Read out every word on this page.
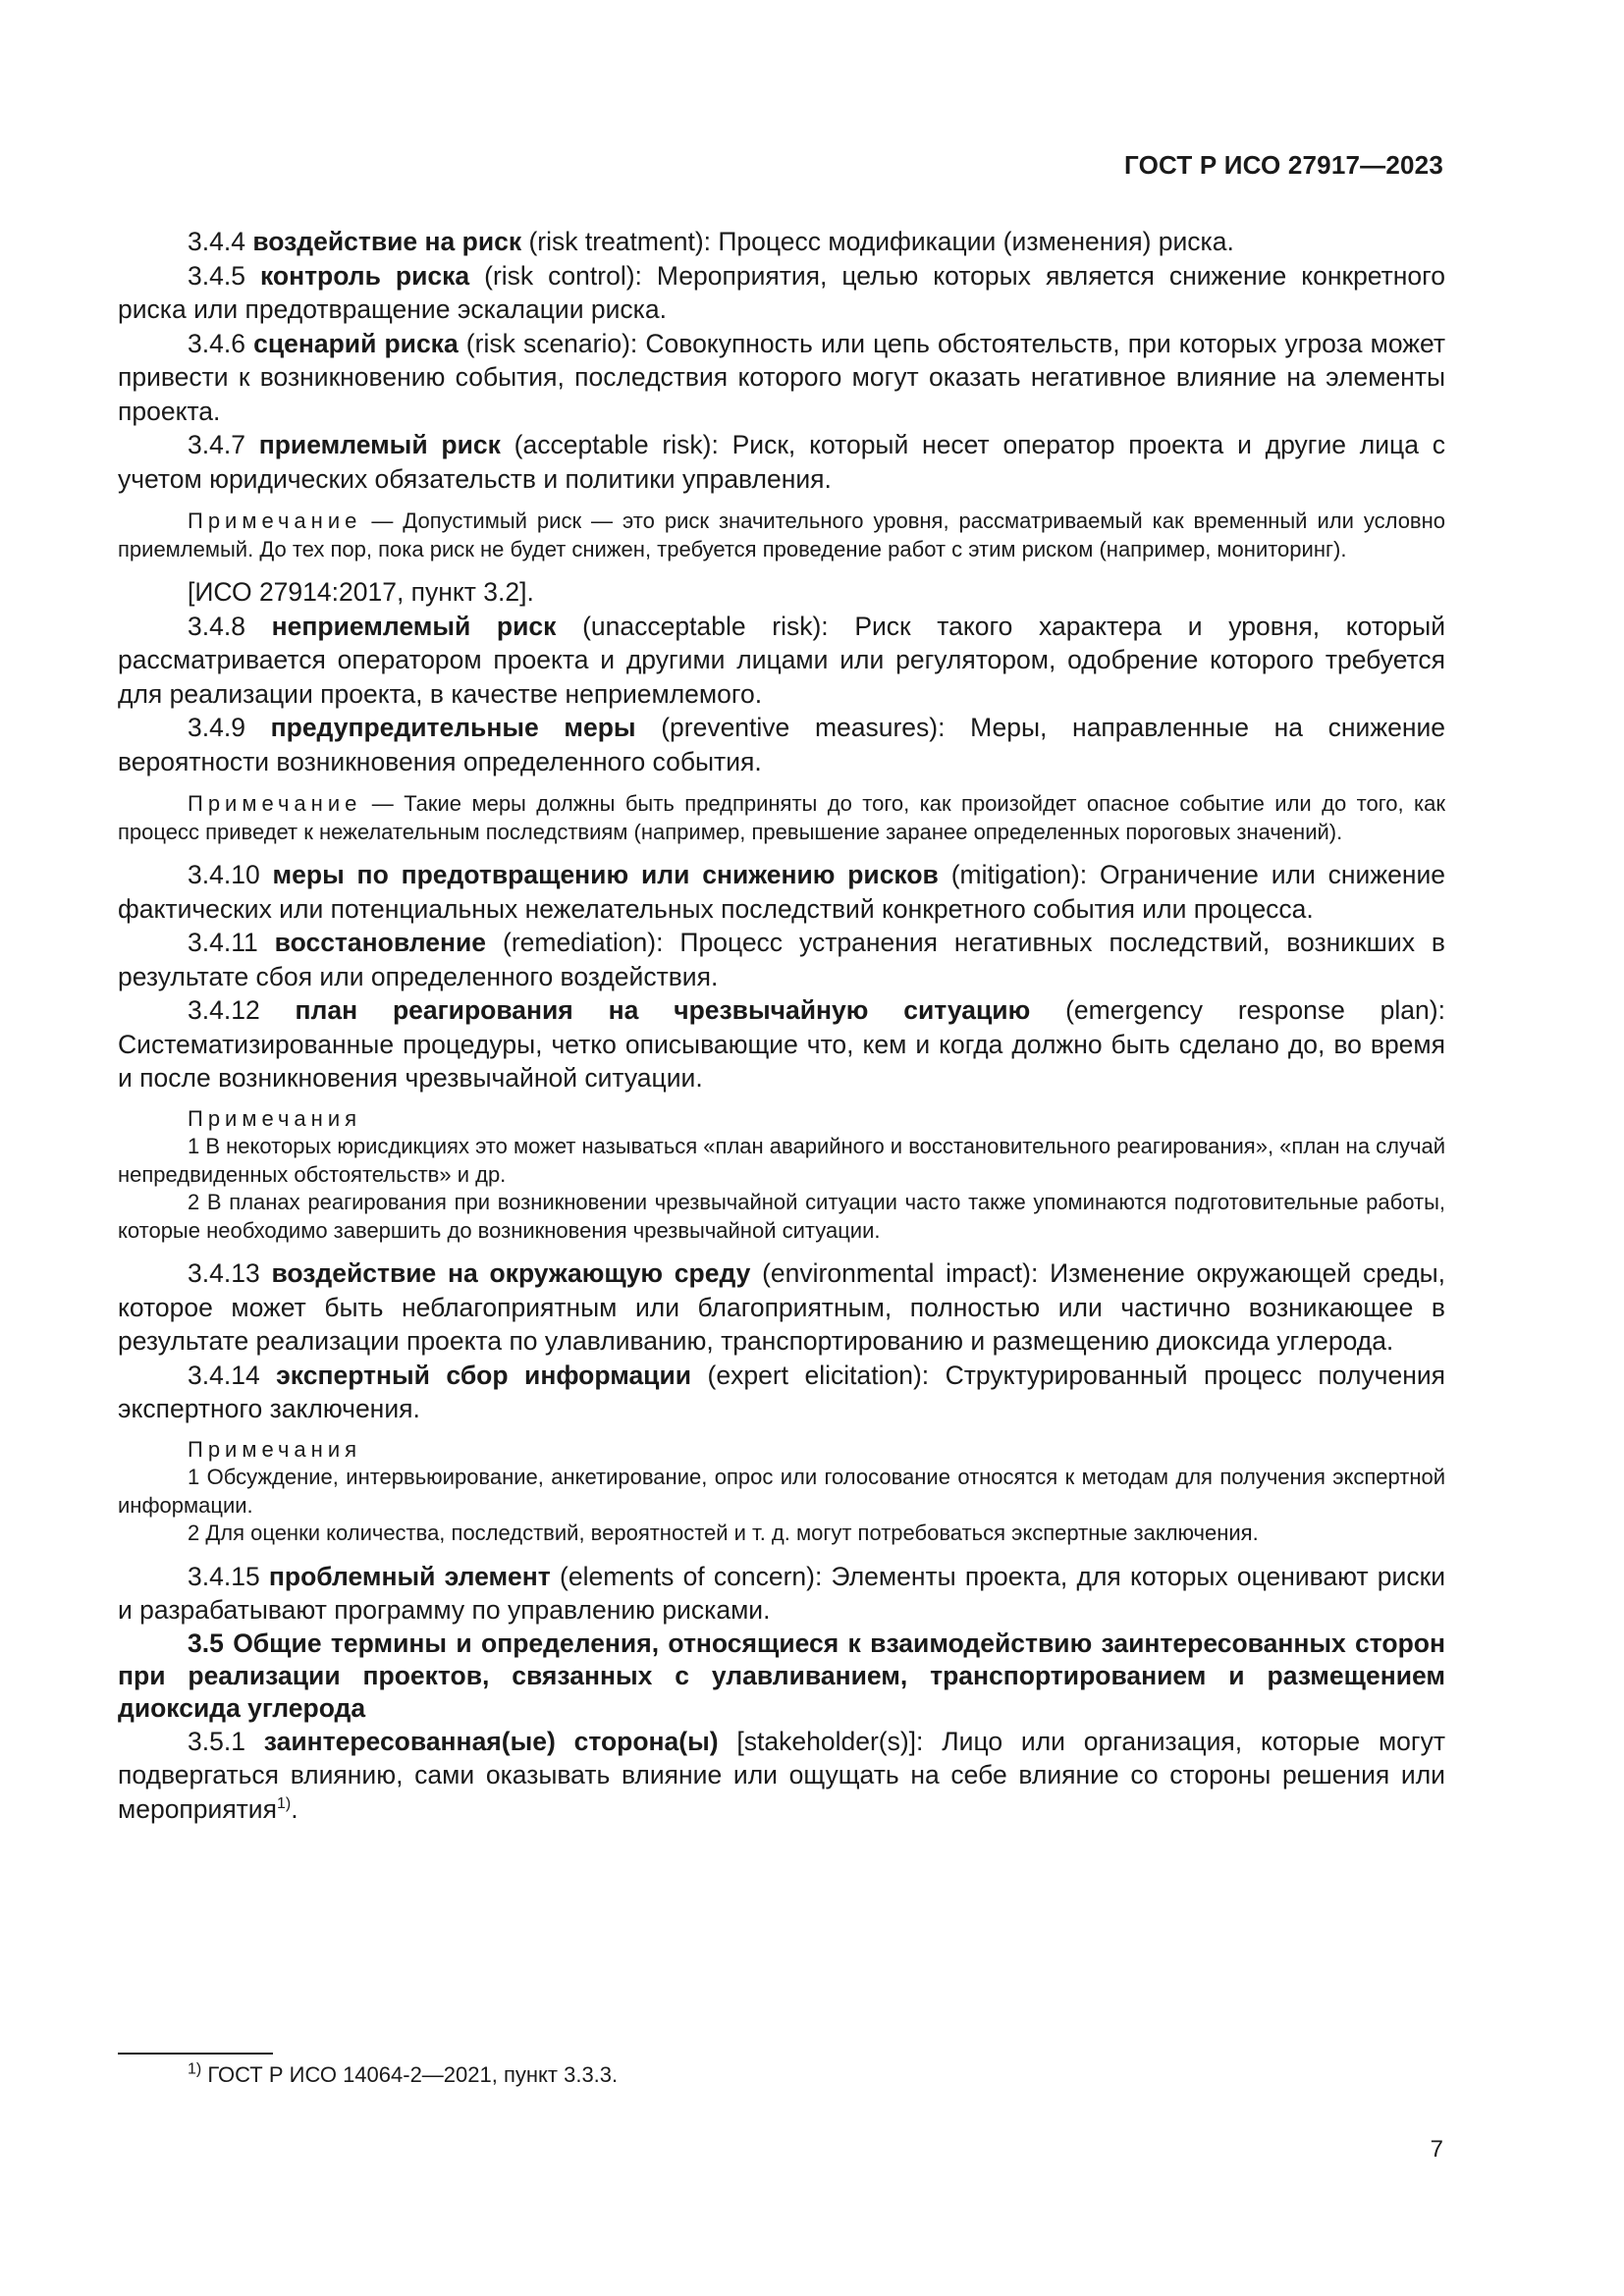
ГОСТ Р ИСО 27917—2023

3.4.4 воздействие на риск (risk treatment): Процесс модификации (изменения) риска.

3.4.5 контроль риска (risk control): Мероприятия, целью которых является снижение конкретного риска или предотвращение эскалации риска.

3.4.6 сценарий риска (risk scenario): Совокупность или цепь обстоятельств, при которых угроза может привести к возникновению события, последствия которого могут оказать негативное влияние на элементы проекта.

3.4.7 приемлемый риск (acceptable risk): Риск, который несет оператор проекта и другие лица с учетом юридических обязательств и политики управления.

Примечание — Допустимый риск — это риск значительного уровня, рассматриваемый как временный или условно приемлемый. До тех пор, пока риск не будет снижен, требуется проведение работ с этим риском (например, мониторинг).

[ИСО 27914:2017, пункт 3.2].

3.4.8 неприемлемый риск (unacceptable risk): Риск такого характера и уровня, который рассматривается оператором проекта и другими лицами или регулятором, одобрение которого требуется для реализации проекта, в качестве неприемлемого.

3.4.9 предупредительные меры (preventive measures): Меры, направленные на снижение вероятности возникновения определенного события.

Примечание — Такие меры должны быть предприняты до того, как произойдет опасное событие или до того, как процесс приведет к нежелательным последствиям (например, превышение заранее определенных пороговых значений).

3.4.10 меры по предотвращению или снижению рисков (mitigation): Ограничение или снижение фактических или потенциальных нежелательных последствий конкретного события или процесса.

3.4.11 восстановление (remediation): Процесс устранения негативных последствий, возникших в результате сбоя или определенного воздействия.

3.4.12 план реагирования на чрезвычайную ситуацию (emergency response plan): Систематизированные процедуры, четко описывающие что, кем и когда должно быть сделано до, во время и после возникновения чрезвычайной ситуации.

Примечания

1 В некоторых юрисдикциях это может называться «план аварийного и восстановительного реагирования», «план на случай непредвиденных обстоятельств» и др.

2 В планах реагирования при возникновении чрезвычайной ситуации часто также упоминаются подготовительные работы, которые необходимо завершить до возникновения чрезвычайной ситуации.

3.4.13 воздействие на окружающую среду (environmental impact): Изменение окружающей среды, которое может быть неблагоприятным или благоприятным, полностью или частично возникающее в результате реализации проекта по улавливанию, транспортированию и размещению диоксида углерода.

3.4.14 экспертный сбор информации (expert elicitation): Структурированный процесс получения экспертного заключения.

Примечания

1 Обсуждение, интервьюирование, анкетирование, опрос или голосование относятся к методам для получения экспертной информации.

2 Для оценки количества, последствий, вероятностей и т. д. могут потребоваться экспертные заключения.

3.4.15 проблемный элемент (elements of concern): Элементы проекта, для которых оценивают риски и разрабатывают программу по управлению рисками.

3.5 Общие термины и определения, относящиеся к взаимодействию заинтересованных сторон при реализации проектов, связанных с улавливанием, транспортированием и размещением диоксида углерода

3.5.1 заинтересованная(ые) сторона(ы) [stakeholder(s)]: Лицо или организация, которые могут подвергаться влиянию, сами оказывать влияние или ощущать на себе влияние со стороны решения или мероприятия$^{1)}$.

$^{1)}$ ГОСТ Р ИСО 14064-2—2021, пункт 3.3.3.
7
